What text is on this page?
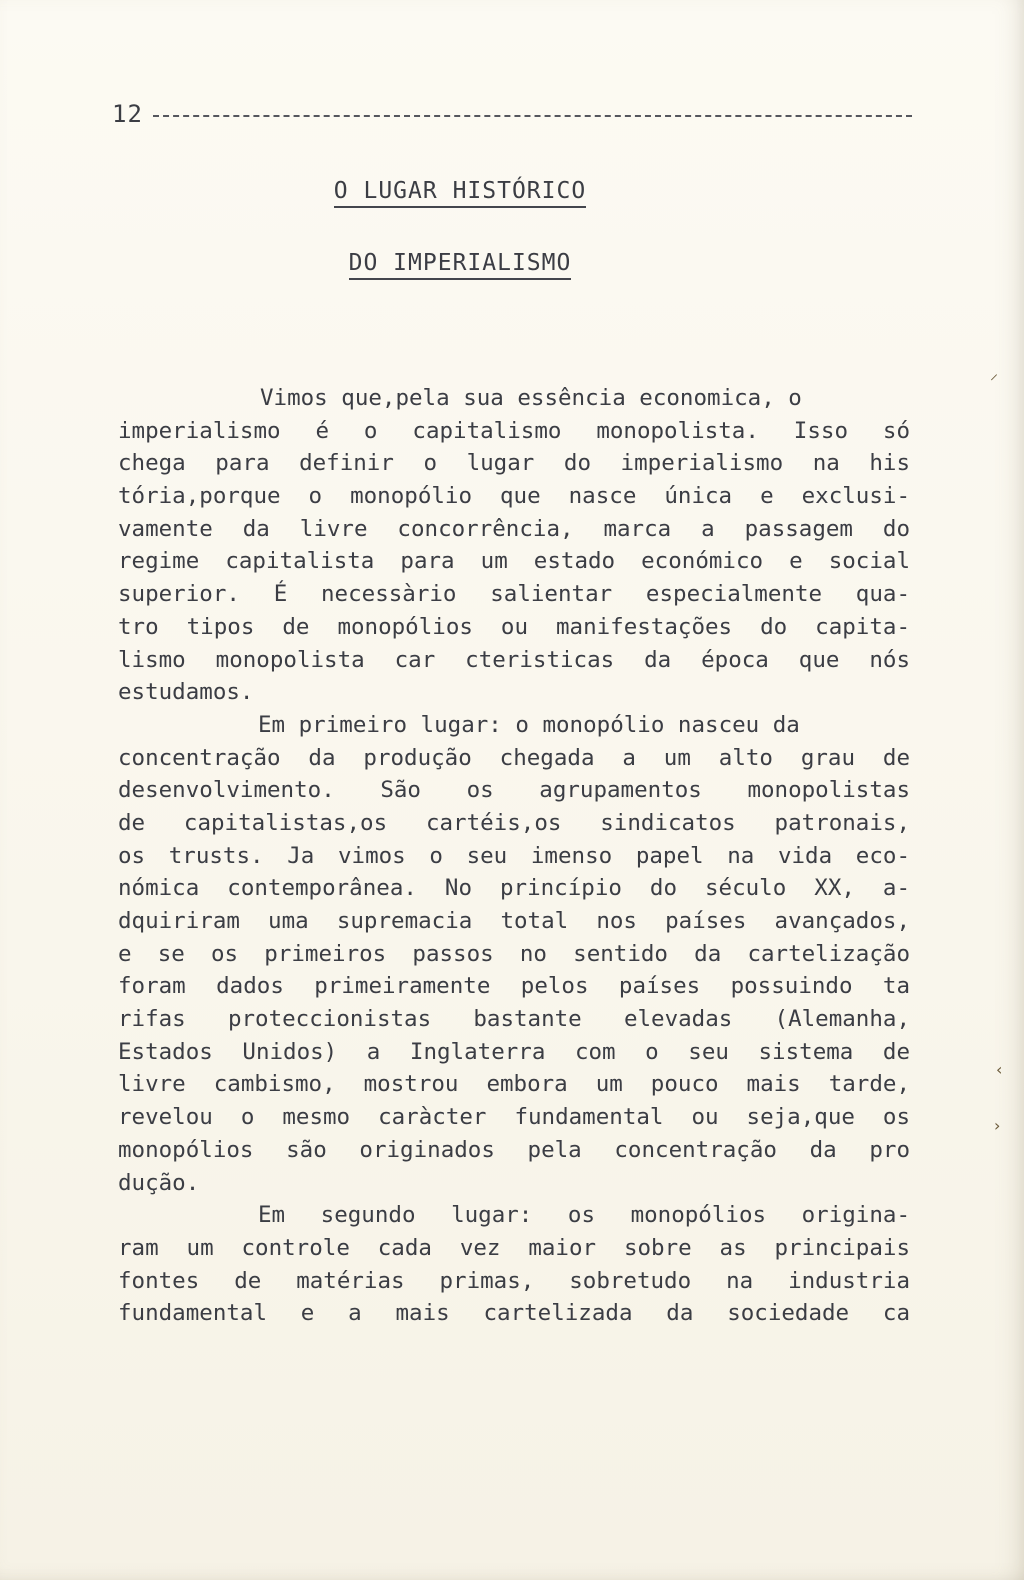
12
O LUGAR HISTÓRICO
DO IMPERIALISMO
Vimos que,pela sua essência economica, o
imperialismo é o capitalismo monopolista. Isso só
chega para definir o lugar do imperialismo na his
tória,porque o monopólio que nasce única e exclusi-
vamente da livre concorrência, marca a passagem do
regime capitalista para um estado económico e social
superior. É necessàrio salientar especialmente qua-
tro tipos de monopólios ou manifestações do capita-
lismo monopolista car cteristicas da época que nós
estudamos.
Em primeiro lugar: o monopólio nasceu da
concentração da produção chegada a um alto grau de
desenvolvimento. São os agrupamentos monopolistas
de capitalistas,os cartéis,os sindicatos patronais,
os trusts. Ja vimos o seu imenso papel na vida eco-
nómica contemporânea. No princípio do século XX, a-
dquiriram uma supremacia total nos países avançados,
e se os primeiros passos no sentido da cartelização
foram dados primeiramente pelos países possuindo ta
rifas proteccionistas bastante elevadas (Alemanha,
Estados Unidos) a Inglaterra com o seu sistema de
livre cambismo, mostrou embora um pouco mais tarde,
revelou o mesmo caràcter fundamental ou seja,que os
monopólios são originados pela concentração da pro
dução.
Em segundo lugar: os monopólios origina-
ram um controle cada vez maior sobre as principais
fontes de matérias primas, sobretudo na industria
fundamental e a mais cartelizada da sociedade ca
⸝
‹
›
